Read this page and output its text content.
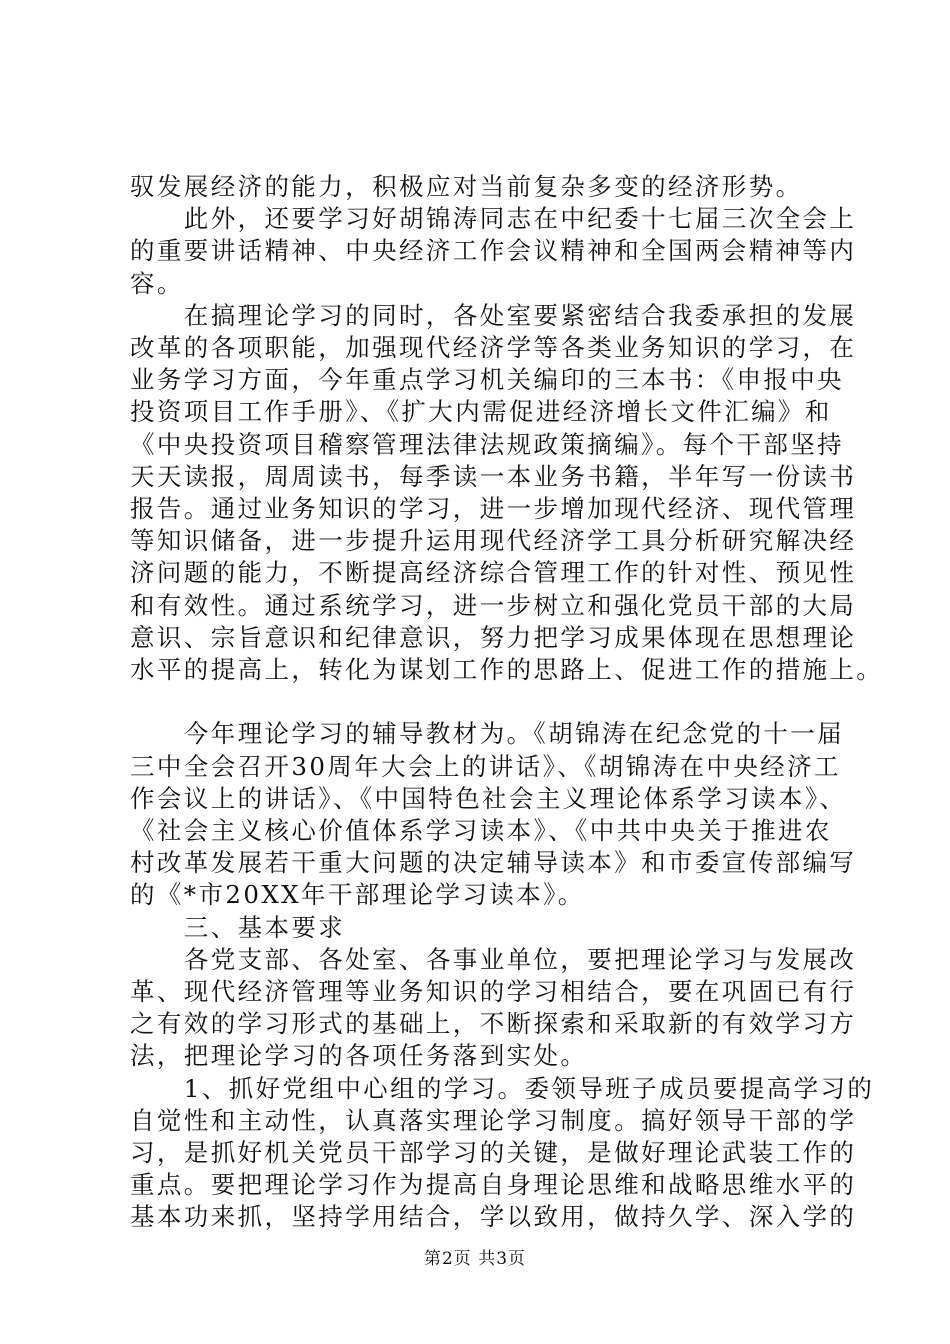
驭发展经济的能力，积极应对当前复杂多变的经济形势。
　　此外，还要学习好胡锦涛同志在中纪委十七届三次全会上
的重要讲话精神、中央经济工作会议精神和全国两会精神等内
容。
　　在搞理论学习的同时，各处室要紧密结合我委承担的发展
改革的各项职能，加强现代经济学等各类业务知识的学习，在
业务学习方面，今年重点学习机关编印的三本书：《申报中央
投资项目工作手册》、《扩大内需促进经济增长文件汇编》和
《中央投资项目稽察管理法律法规政策摘编》。每个干部坚持
天天读报，周周读书，每季读一本业务书籍，半年写一份读书
报告。通过业务知识的学习，进一步增加现代经济、现代管理
等知识储备，进一步提升运用现代经济学工具分析研究解决经
济问题的能力，不断提高经济综合管理工作的针对性、预见性
和有效性。通过系统学习，进一步树立和强化党员干部的大局
意识、宗旨意识和纪律意识，努力把学习成果体现在思想理论
水平的提高上，转化为谋划工作的思路上、促进工作的措施上。
　　今年理论学习的辅导教材为。《胡锦涛在纪念党的十一届
三中全会召开30周年大会上的讲话》、《胡锦涛在中央经济工
作会议上的讲话》、《中国特色社会主义理论体系学习读本》、
《社会主义核心价值体系学习读本》、《中共中央关于推进农
村改革发展若干重大问题的决定辅导读本》和市委宣传部编写
的《*市20XX年干部理论学习读本》。
　　三、基本要求
　　各党支部、各处室、各事业单位，要把理论学习与发展改
革、现代经济管理等业务知识的学习相结合，要在巩固已有行
之有效的学习形式的基础上，不断探索和采取新的有效学习方
法，把理论学习的各项任务落到实处。
　　1、抓好党组中心组的学习。委领导班子成员要提高学习的
自觉性和主动性，认真落实理论学习制度。搞好领导干部的学
第2页 共3页
习，是抓好机关党员干部学习的关键，是做好理论武装工作的
重点。要把理论学习作为提高自身理论思维和战略思维水平的
基本功来抓，坚持学用结合，学以致用，做持久学、深入学的
